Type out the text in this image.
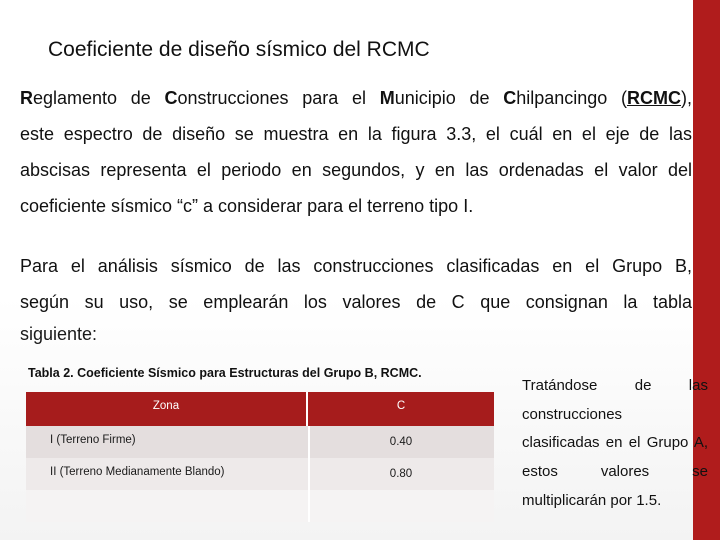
Coeficiente de diseño sísmico del RCMC
Reglamento de Construcciones para el Municipio de Chilpancingo (RCMC),
este espectro de diseño se muestra en la figura 3.3, el cuál en el eje de las
abscisas representa el periodo en segundos, y en las ordenadas el valor del
coeficiente sísmico “c” a considerar para el terreno tipo I.
Para el análisis sísmico de las construcciones clasificadas en el Grupo B,
según su uso, se emplearán los valores de C que consignan la tabla
siguiente:
Tabla 2. Coeficiente Sísmico para Estructuras del Grupo B, RCMC.
Zona	C
I (Terreno Firme)	0.40
II (Terreno Medianamente Blando)	0.80
Tratándose de las
construcciones
clasificadas en el Grupo A,
estos valores se
multiplicarán por 1.5.
